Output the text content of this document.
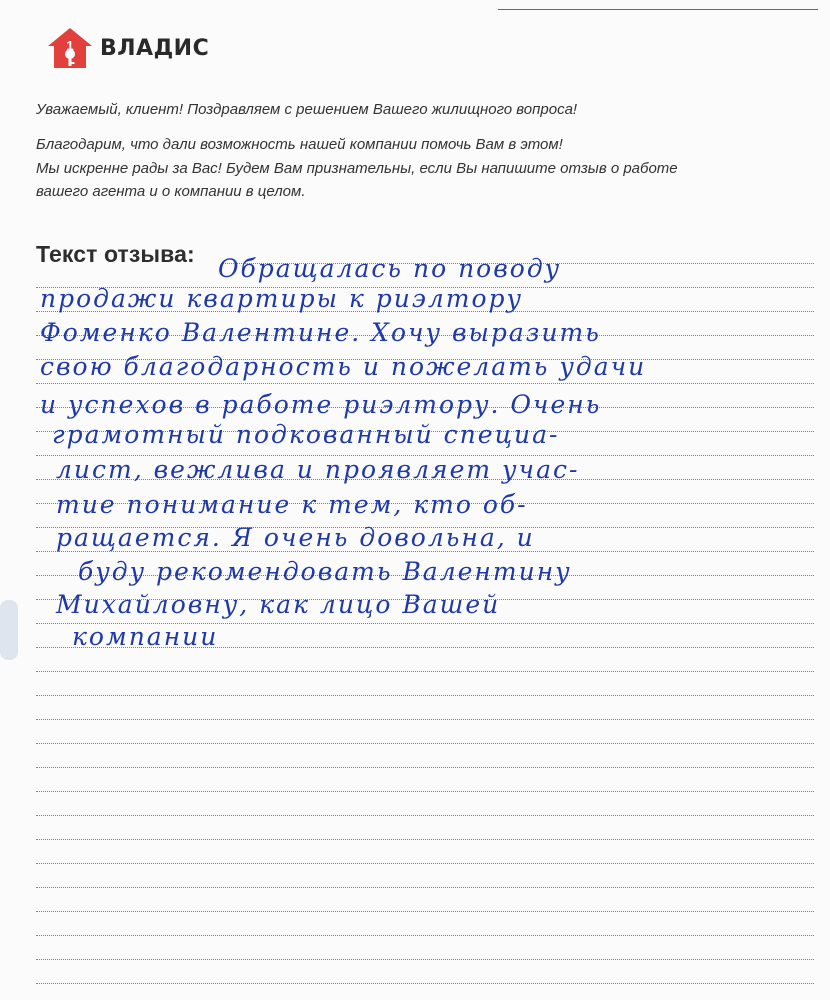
1 ВЛАДИС
Уважаемый, клиент! Поздравляем с решением Вашего жилищного вопроса!
Благодарим, что дали возможность нашей компании помочь Вам в этом!
Мы искренне рады за Вас! Будем Вам признательны, если Вы напишите отзыв о работе
вашего агента и о компании в целом.
Текст отзыва: Обращалась по поводу
продажи квартиры к риэлтору
Фоменко Валентине. Хочу выразить
свою благодарность и пожелать удачи
и успехов в работе риэлтору. Очень
грамотный подкованный специа-
лист, вежлива и проявляет учас-
тие понимание к тем, кто об-
ращается. Я очень довольна, и
буду рекомендовать Валентину
Михайловну, как лицо Вашей
компании
